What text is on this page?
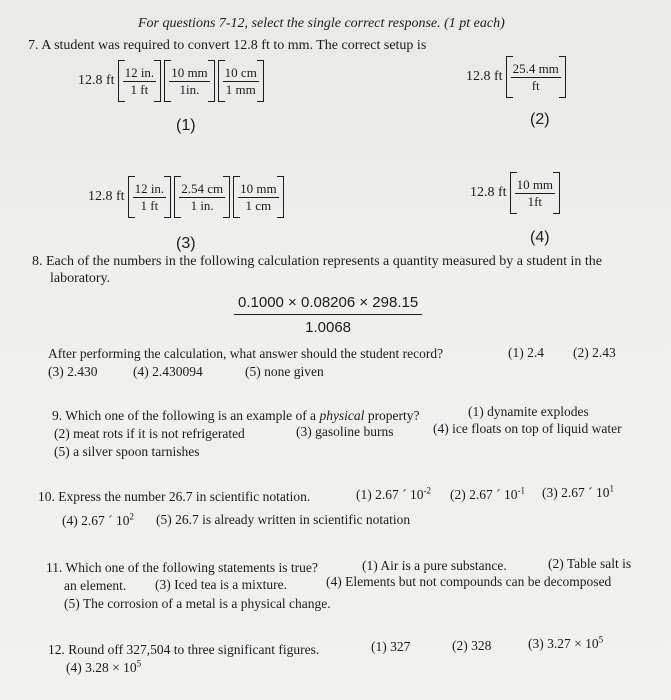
For questions 7-12, select the single correct response. (1 pt each)
7. A student was required to convert 12.8 ft to mm. The correct setup is
12.8 ft $\frac{12 in.}{1 ft} \frac{10 mm}{1in.} \frac{10 cm}{1 mm}$
(1)
12.8 ft $\frac{25.4 mm}{ft}$
(2)
12.8 ft $\frac{12 in.}{1 ft} \frac{2.54 cm}{1 in.} \frac{10 mm}{1 cm}$
(3)
12.8 ft $\frac{10 mm}{1ft}$
(4)
8. Each of the numbers in the following calculation represents a quantity measured by a student in the
laboratory.
$\frac{0.1000 \times 0.08206 \times 298.15}{1.0068}$
After performing the calculation, what answer should the student record?	(1) 2.4 (2) 2.43
(3) 2.430	(4) 2.430094	(5) none given
9. Which one of the following is an example of a physical property?	(1) dynamite explodes
(2) meat rots if it is not refrigerated	(3) gasoline burns	(4) ice floats on top of liquid water
(5) a silver spoon tarnishes
10. Express the number 26.7 in scientific notation.	(1) 2.67 ´ $10^{-2}$ (2) 2.67 ´ $10^{-1}$ (3) 2.67 ´ $10^1$
(4) 2.67 ´ $10^2$ (5) 26.7 is already written in scientific notation
11. Which one of the following statements is true?	(1) Air is a pure substance.	(2) Table salt is
an element. (3) Iced tea is a mixture.	(4) Elements but not compounds can be decomposed
(5) The corrosion of a metal is a physical change.
12. Round off 327,504 to three significant figures.	(1) 327	(2) 328	(3) $3.27 \times 10^5$
(4) $3.28 \times 10^5$
